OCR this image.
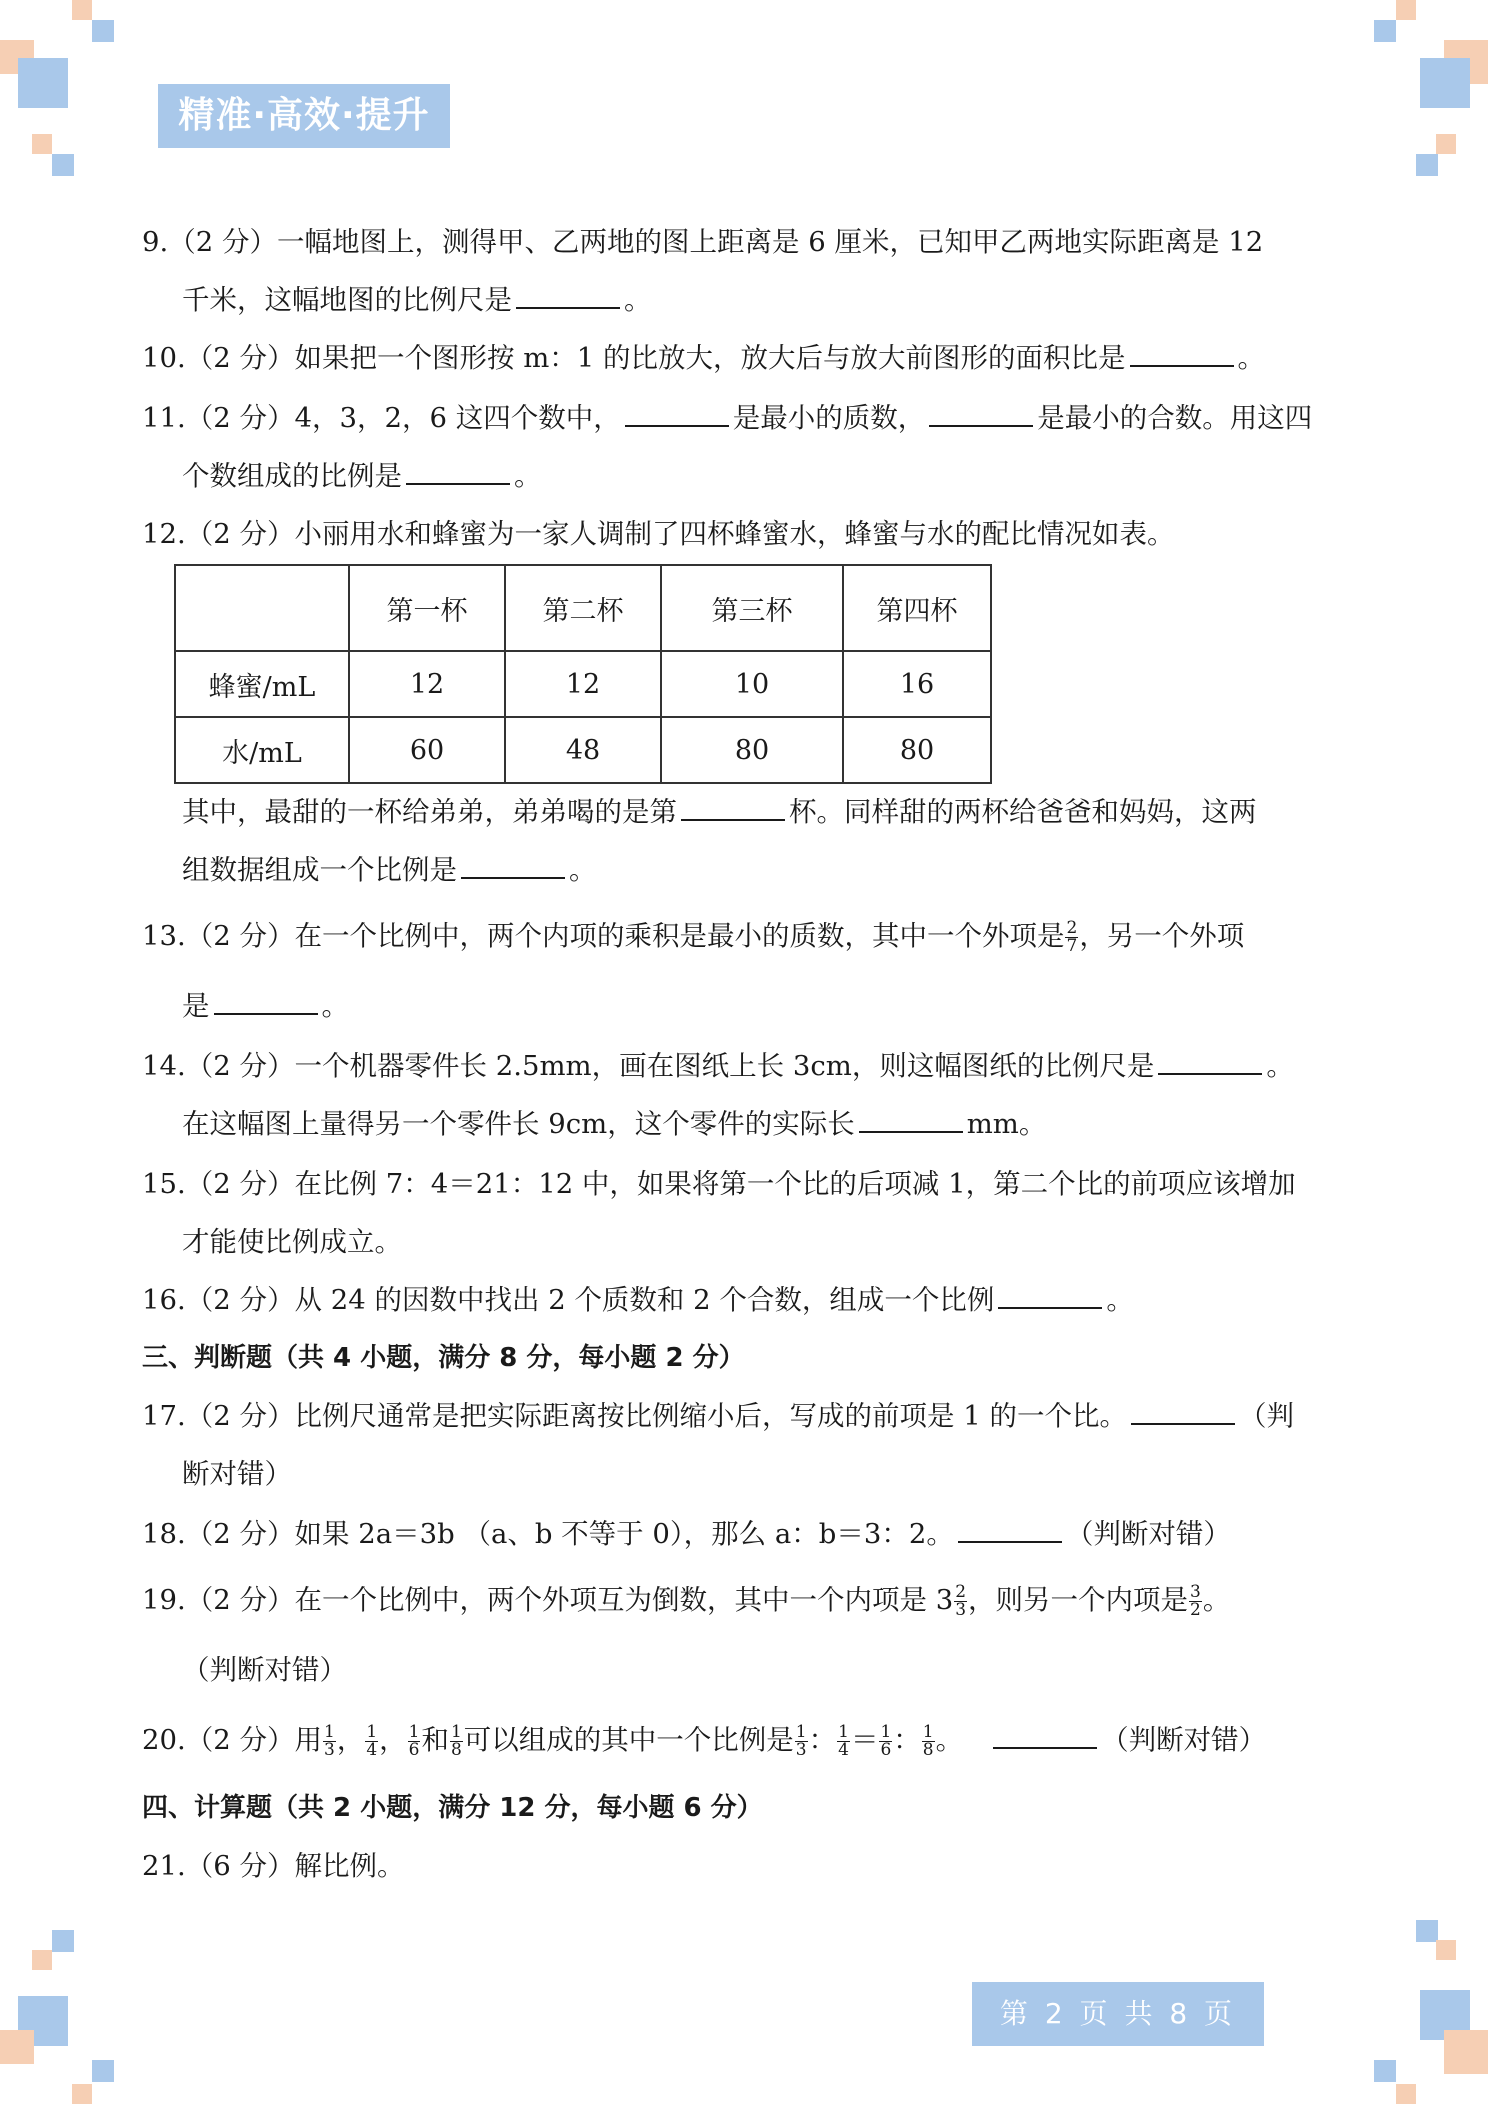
精准·高效·提升
9.（2 分）一幅地图上，测得甲、乙两地的图上距离是 6 厘米，已知甲乙两地实际距离是 12
千米，这幅地图的比例尺是	。
10.（2 分）如果把一个图形按 m：1 的比放大，放大后与放大前图形的面积比是	。
11.（2 分）4，3，2，6 这四个数中，	是最小的质数，	是最小的合数。用这四
个数组成的比例是	。
12.（2 分）小丽用水和蜂蜜为一家人调制了四杯蜂蜜水，蜂蜜与水的配比情况如表。
	第一杯	第二杯	第三杯	第四杯
蜂蜜/mL	12	12	10	16
水/mL	60	48	80	80
其中，最甜的一杯给弟弟，弟弟喝的是第	杯。同样甜的两杯给爸爸和妈妈，这两
组数据组成一个比例是	。
13.（2 分）在一个比例中，两个内项的乘积是最小的质数，其中一个外项是 $\frac{2}{7}$ ，另一个外项
是	。
14.（2 分）一个机器零件长 2.5mm，画在图纸上长 3cm，则这幅图纸的比例尺是	。
在这幅图上量得另一个零件长 9cm，这个零件的实际长	mm。
15.（2 分）在比例 7：4＝21：12 中，如果将第一个比的后项减 1，第二个比的前项应该增加
才能使比例成立。
16.（2 分）从 24 的因数中找出 2 个质数和 2 个合数，组成一个比例	。
三、判断题（共 4 小题，满分 8 分，每小题 2 分）
17.（2 分）比例尺通常是把实际距离按比例缩小后，写成的前项是 1 的一个比。	（判
断对错）
18.（2 分）如果 2a＝3b （a、b 不等于 0），那么 a：b＝3：2。	（判断对错）
19.（2 分）在一个比例中，两个外项互为倒数，其中一个内项是 $3 \frac{2}{3}$ ，则另一个内项是 $\frac{3}{2}$ 。
（判断对错）
20.（2 分）用 $\frac{1}{3}$ ， $\frac{1}{4}$ ， $\frac{1}{6}$ 和 $\frac{1}{8}$ 可以组成的其中一个比例是 $\frac{1}{3}$ ： $\frac{1}{4} = \frac{1}{6}$ ： $\frac{1}{8}$ 。	（判断对错）
四、计算题（共 2 小题，满分 12 分，每小题 6 分）
21.（6 分）解比例。
第 2 页 共 8 页
